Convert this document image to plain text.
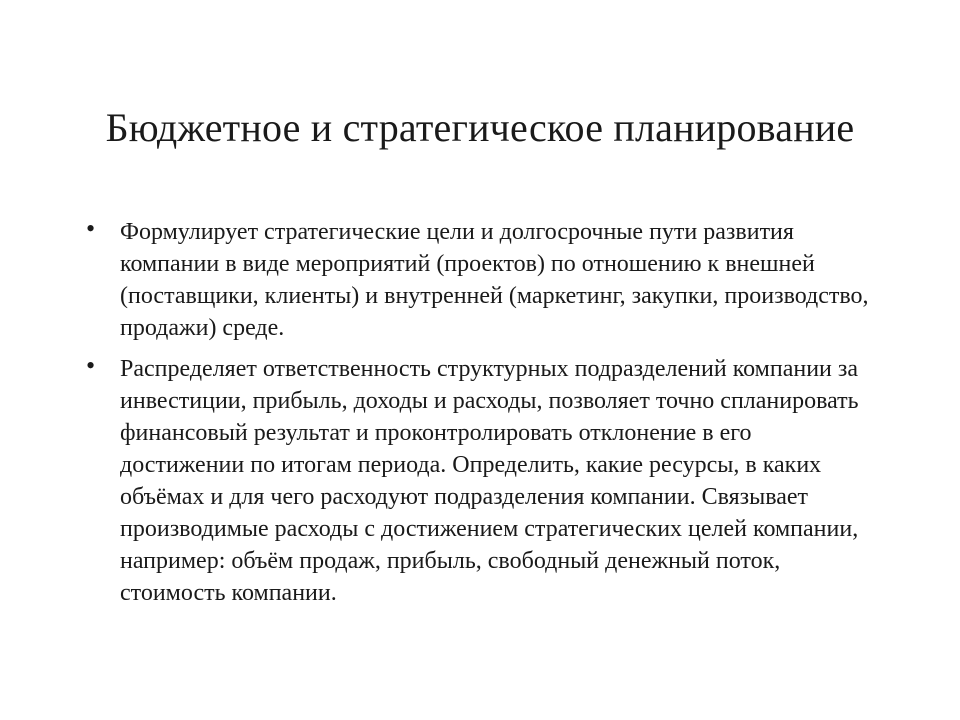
Бюджетное и стратегическое планирование
•	Формулирует стратегические цели и долгосрочные пути развития компании в виде мероприятий (проектов) по отношению к внешней (поставщики, клиенты) и внутренней (маркетинг, закупки, производство, продажи) среде.
•	Распределяет ответственность структурных подразделений компании за инвестиции, прибыль, доходы и расходы, позволяет точно спланировать финансовый результат и проконтролировать отклонение в его достижении по итогам периода. Определить, какие ресурсы, в каких объёмах и для чего расходуют подразделения компании. Связывает производимые расходы с достижением стратегических целей компании, например: объём продаж, прибыль, свободный денежный поток, стоимость компании.
